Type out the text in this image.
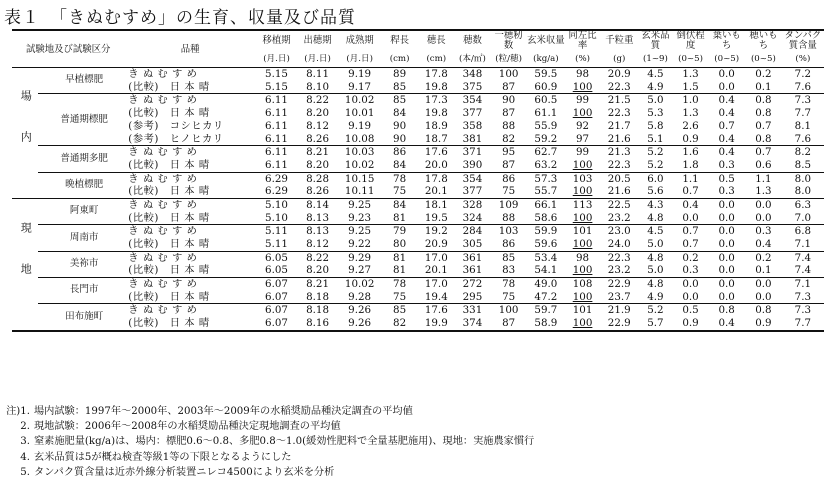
表１ 「きぬむすめ」の生育、収量及び品質
試験地及び試験区分		品種	移植期	出穂期	成熟期	稈長	穂長	穂数	一穂籾数	玄米収量	同左比率	千粒重	玄米品質	倒伏程度	葉いもち	穂いもち	タンパク質含量
			(月.日)	(月.日)	(月.日)	(cm)	(cm)	(本/㎡)	(粒/穂)	(kg/a)	(%)	(g)	(1~9)	(0~5)	(0~5)	(0~5)	(%)
場内	早植標肥	き ぬ む す め	5.15	8.11	9.19	89	17.8	348	100	59.5	98	20.9	4.5	1.3	0.0	0.2	7.2
		(比較)　日 本 晴	5.15	8.10	9.17	85	19.8	375	87	60.9	100	22.3	4.9	1.5	0.0	0.1	7.6
	普通期標肥	き ぬ む す め	6.11	8.22	10.02	85	17.3	354	90	60.5	99	21.5	5.0	1.0	0.4	0.8	7.3
		(比較)　日 本 晴	6.11	8.20	10.01	84	19.8	377	87	61.1	100	22.3	5.3	1.3	0.4	0.8	7.7
		(参考)　コシヒカリ	6.11	8.12	9.19	90	18.9	358	88	55.9	92	21.7	5.8	2.6	0.7	0.7	8.1
		(参考)　ヒノヒカリ	6.11	8.26	10.08	90	18.7	381	82	59.2	97	21.6	5.1	0.9	0.4	0.8	7.6
	普通期多肥	き ぬ む す め	6.11	8.21	10.03	86	17.6	371	95	62.7	99	21.3	5.2	1.6	0.4	0.7	8.2
		(比較)　日 本 晴	6.11	8.20	10.02	84	20.0	390	87	63.2	100	22.3	5.2	1.8	0.3	0.6	8.5
	晩植標肥	き ぬ む す め	6.29	8.28	10.15	78	17.8	354	86	57.3	103	20.5	6.0	1.1	0.5	1.1	8.0
		(比較)　日 本 晴	6.29	8.26	10.11	75	20.1	377	75	55.7	100	21.6	5.6	0.7	0.3	1.3	8.0
現地	阿東町	き ぬ む す め	5.10	8.14	9.25	84	18.1	328	109	66.1	113	22.5	4.3	0.4	0.0	0.0	6.3
		(比較)　日 本 晴	5.10	8.13	9.23	81	19.5	324	88	58.6	100	23.2	4.8	0.0	0.0	0.0	7.0
	周南市	き ぬ む す め	5.11	8.13	9.25	79	19.2	284	103	59.9	101	23.0	4.5	0.7	0.0	0.3	6.8
		(比較)　日 本 晴	5.11	8.12	9.22	80	20.9	305	86	59.6	100	24.0	5.0	0.7	0.0	0.4	7.1
	美祢市	き ぬ む す め	6.05	8.22	9.29	81	17.0	361	85	53.4	98	22.3	4.8	0.2	0.0	0.2	7.4
		(比較)　日 本 晴	6.05	8.20	9.27	81	20.1	361	83	54.1	100	23.2	5.0	0.3	0.0	0.1	7.4
	長門市	き ぬ む す め	6.07	8.21	10.02	78	17.0	272	78	49.0	108	22.9	4.8	0.0	0.0	0.0	7.1
		(比較)　日 本 晴	6.07	8.18	9.28	75	19.4	295	75	47.2	100	23.7	4.9	0.0	0.0	0.0	7.3
	田布施町	き ぬ む す め	6.07	8.18	9.26	85	17.6	331	100	59.7	101	21.9	5.2	0.5	0.8	0.8	7.3
		(比較)　日 本 晴	6.07	8.16	9.26	82	19.9	374	87	58.9	100	22.9	5.7	0.9	0.4	0.9	7.7
注)1. 場内試験：1997年～2000年、2003年～2009年の水稲奨励品種決定調査の平均値
2. 現地試験：2006年～2008年の水稲奨励品種決定現地調査の平均値
3. 窒素施肥量(kg/a)は、場内：標肥0.6～0.8、多肥0.8～1.0(緩効性肥料で全量基肥施用)、現地：実施農家慣行
4. 玄米品質は5が概ね検査等級1等の下限となるようにした
5. タンパク質含量は近赤外線分析装置ニレコ4500により玄米を分析
